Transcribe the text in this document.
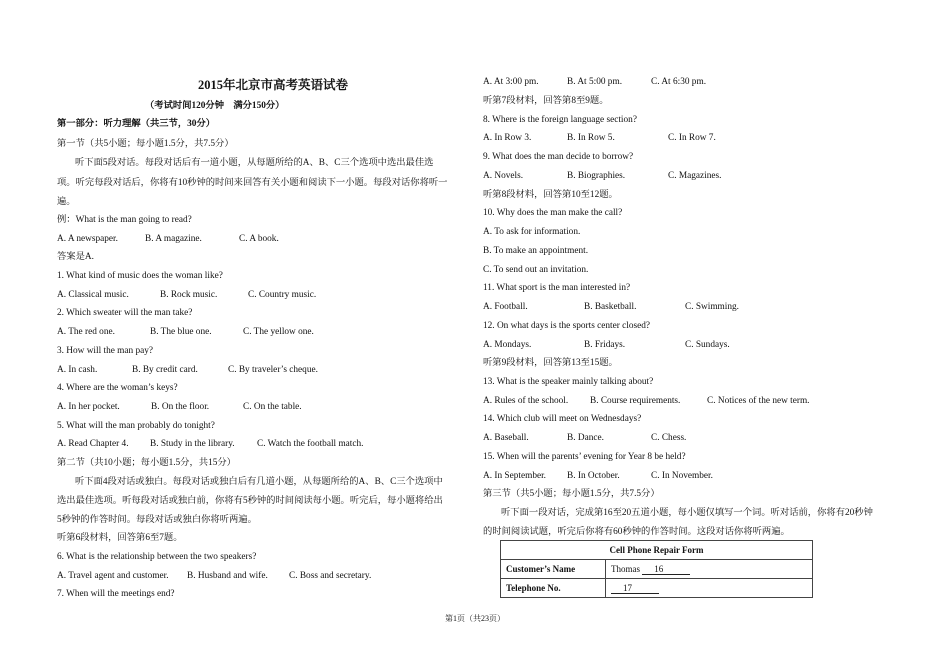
2015年北京市高考英语试卷
（考试时间120分钟　满分150分）
第一部分：听力理解（共三节，30分）
第一节（共5小题；每小题1.5分，共7.5分）
听下面5段对话。每段对话后有一道小题，从每题所给的A、B、C三个选项中选出最佳选
项。听完每段对话后，你将有10秒钟的时间来回答有关小题和阅读下一小题。每段对话你将听一
遍。
例：What is the man going to read?
A. A newspaper.	B. A magazine.	C. A book.
答案是A.
1. What kind of music does the woman like?
A. Classical music.	B. Rock music.	C. Country music.
2. Which sweater will the man take?
A. The red one.	B. The blue one.	C. The yellow one.
3. How will the man pay?
A. In cash.	B. By credit card.	C. By traveler’s cheque.
4. Where are the woman’s keys?
A. In her pocket.	B. On the floor.	C. On the table.
5. What will the man probably do tonight?
A. Read Chapter 4. B. Study in the library. C. Watch the football match.
第二节（共10小题；每小题1.5分，共15分）
听下面4段对话或独白。每段对话或独白后有几道小题，从每题所给的A、B、C三个选项中
选出最佳选项。听每段对话或独白前，你将有5秒钟的时间阅读每小题。听完后，每小题将给出
5秒钟的作答时间。每段对话或独白你将听两遍。
听第6段材料，回答第6至7题。
6. What is the relationship between the two speakers?
A. Travel agent and customer. B. Husband and wife. C. Boss and secretary.
7. When will the meetings end?
A. At 3:00 pm.	B. At 5:00 pm.	C. At 6:30 pm.
听第7段材料，回答第8至9题。
8. Where is the foreign language section?
A. In Row 3.	B. In Row 5.	C. In Row 7.
9. What does the man decide to borrow?
A. Novels.	B. Biographies.	C. Magazines.
听第8段材料，回答第10至12题。
10. Why does the man make the call?
A. To ask for information.
B. To make an appointment.
C. To send out an invitation.
11. What sport is the man interested in?
A. Football.	B. Basketball.	C. Swimming.
12. On what days is the sports center closed?
A. Mondays.	B. Fridays.	C. Sundays.
听第9段材料，回答第13至15题。
13. What is the speaker mainly talking about?
A. Rules of the school. B. Course requirements.	C. Notices of the new term.
14. Which club will meet on Wednesdays?
A. Baseball.	B. Dance.	C. Chess.
15. When will the parents’ evening for Year 8 be held?
A. In September. B. In October.	C. In November.
第三节（共5小题；每小题1.5分，共7.5分）
听下面一段对话，完成第16至20五道小题，每小题仅填写一个词。听对话前，你将有20秒钟
的时间阅读试题，听完后你将有60秒钟的作答时间。这段对话你将听两遍。
Cell Phone Repair Form	
Customer’s Name	Thomas 16
Telephone No.	17
第1页（共23页）
